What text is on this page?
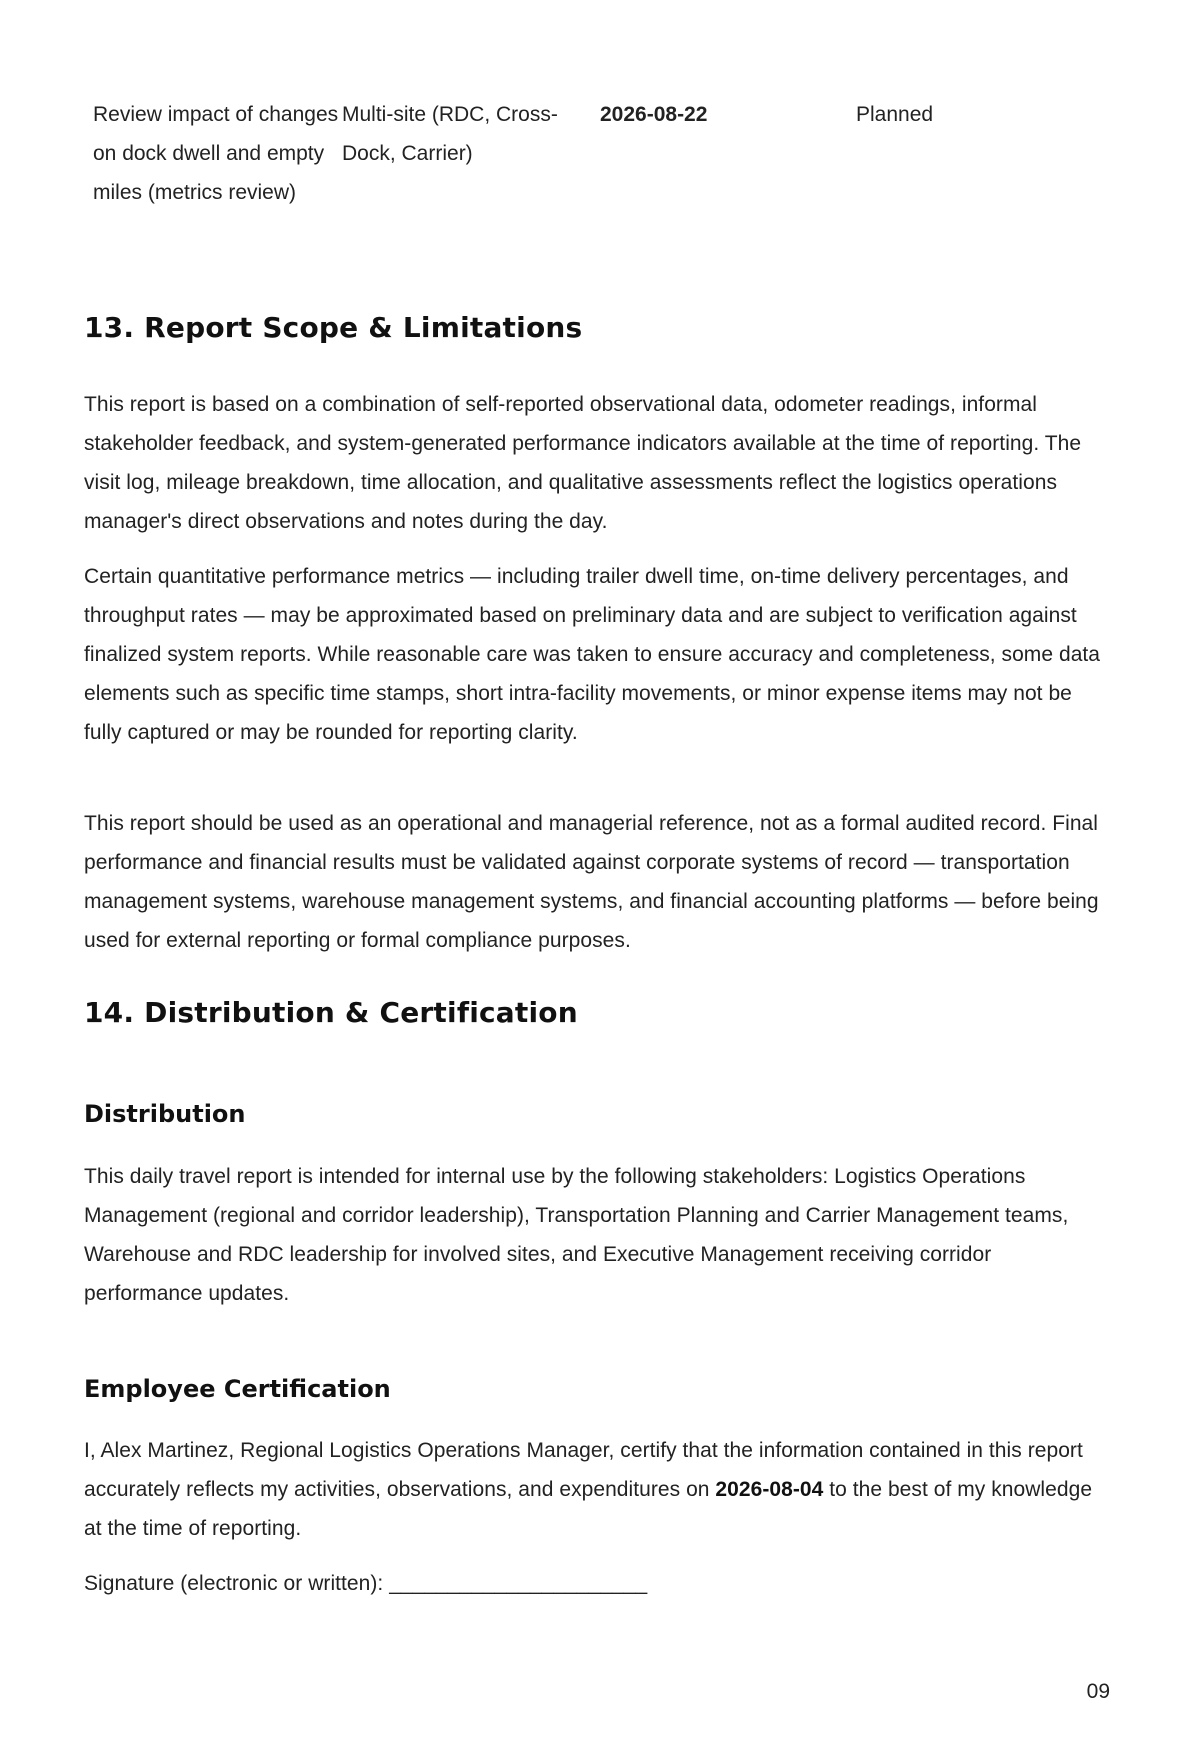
Review impact of changes on dock dwell and empty miles (metrics review)
Multi-site (RDC, Cross-Dock, Carrier)
2026-08-22	Planned
13. Report Scope & Limitations

This report is based on a combination of self-reported observational data, odometer readings, informal stakeholder feedback, and system-generated performance indicators available at the time of reporting. The visit log, mileage breakdown, time allocation, and qualitative assessments reflect the logistics operations manager's direct observations and notes during the day.

Certain quantitative performance metrics — including trailer dwell time, on-time delivery percentages, and throughput rates — may be approximated based on preliminary data and are subject to verification against finalized system reports. While reasonable care was taken to ensure accuracy and completeness, some data elements such as specific time stamps, short intra-facility movements, or minor expense items may not be fully captured or may be rounded for reporting clarity.

This report should be used as an operational and managerial reference, not as a formal audited record. Final performance and financial results must be validated against corporate systems of record — transportation management systems, warehouse management systems, and financial accounting platforms — before being used for external reporting or formal compliance purposes.

14. Distribution & Certification
Distribution

This daily travel report is intended for internal use by the following stakeholders: Logistics Operations Management (regional and corridor leadership), Transportation Planning and Carrier Management teams, Warehouse and RDC leadership for involved sites, and Executive Management receiving corridor performance updates.

Employee Certification

I, Alex Martinez, Regional Logistics Operations Manager, certify that the information contained in this report accurately reflects my activities, observations, and expenditures on 2026-08-04 to the best of my knowledge at the time of reporting.

Signature (electronic or written): ______________________

09
